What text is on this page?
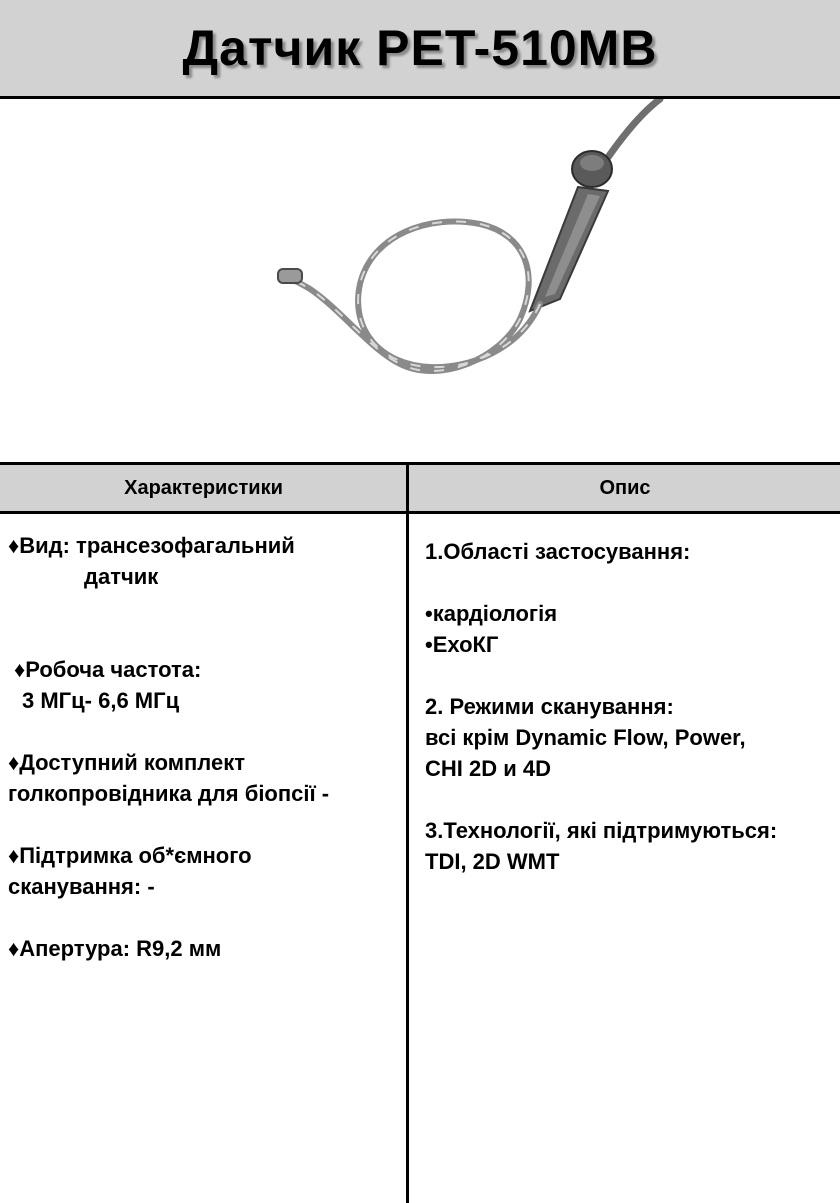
Датчик PET-510MB
Характеристики	Опис

♦Вид: трансезофагальний

датчик

♦Робоча частота:

3 МГц- 6,6 МГц

♦Доступний комплект

голкопровідника для біопсії -

♦Підтримка об*ємного

сканування: -

♦Апертура: R9,2 мм

1.Області застосування:

•кардіологія

•ЕхоКГ

2. Режими сканування:

всі крім Dynamic Flow, Power,

CHI 2D и 4D

3.Технології, які підтримуються:

TDI, 2D WMT
